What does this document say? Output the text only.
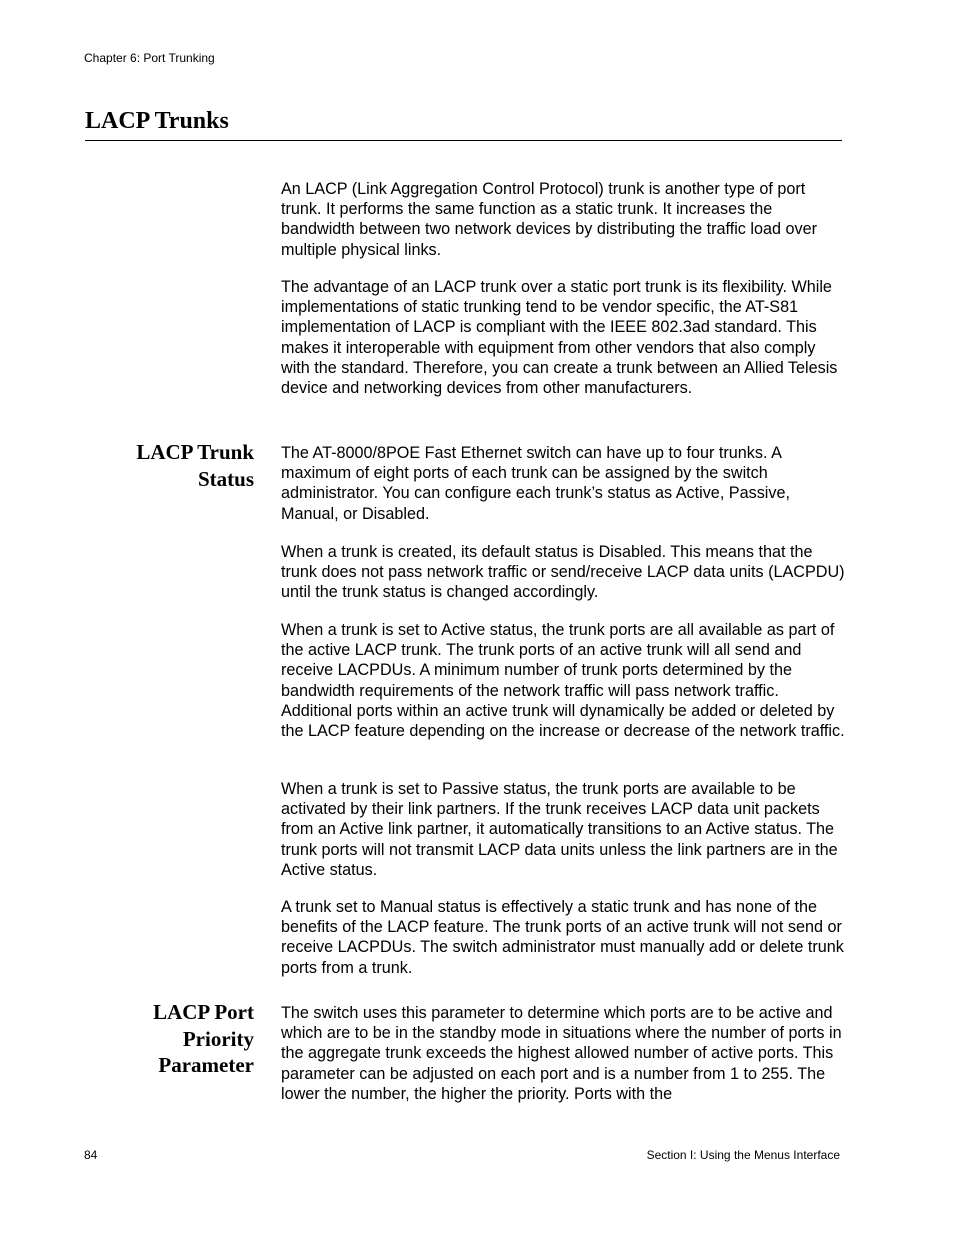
Chapter 6: Port Trunking
LACP Trunks

An LACP (Link Aggregation Control Protocol) trunk is another type of port trunk. It performs the same function as a static trunk. It increases the bandwidth between two network devices by distributing the traffic load over multiple physical links.

The advantage of an LACP trunk over a static port trunk is its flexibility. While implementations of static trunking tend to be vendor specific, the AT-S81 implementation of LACP is compliant with the IEEE 802.3ad standard. This makes it interoperable with equipment from other vendors that also comply with the standard. Therefore, you can create a trunk between an Allied Telesis device and networking devices from other manufacturers.

LACP Trunk
Status

The AT-8000/8POE Fast Ethernet switch can have up to four trunks. A maximum of eight ports of each trunk can be assigned by the switch administrator. You can configure each trunk’s status as Active, Passive, Manual, or Disabled.

When a trunk is created, its default status is Disabled. This means that the trunk does not pass network traffic or send/receive LACP data units (LACPDU) until the trunk status is changed accordingly.

When a trunk is set to Active status, the trunk ports are all available as part of the active LACP trunk. The trunk ports of an active trunk will all send and receive LACPDUs. A minimum number of trunk ports determined by the bandwidth requirements of the network traffic will pass network traffic. Additional ports within an active trunk will dynamically be added or deleted by the LACP feature depending on the increase or decrease of the network traffic.

When a trunk is set to Passive status, the trunk ports are available to be activated by their link partners. If the trunk receives LACP data unit packets from an Active link partner, it automatically transitions to an Active status. The trunk ports will not transmit LACP data units unless the link partners are in the Active status.

A trunk set to Manual status is effectively a static trunk and has none of the benefits of the LACP feature. The trunk ports of an active trunk will not send or receive LACPDUs. The switch administrator must manually add or delete trunk ports from a trunk.

LACP Port
Priority
Parameter

The switch uses this parameter to determine which ports are to be active and which are to be in the standby mode in situations where the number of ports in the aggregate trunk exceeds the highest allowed number of active ports. This parameter can be adjusted on each port and is a number from 1 to 255. The lower the number, the higher the priority. Ports with the

84	Section I: Using the Menus Interface
